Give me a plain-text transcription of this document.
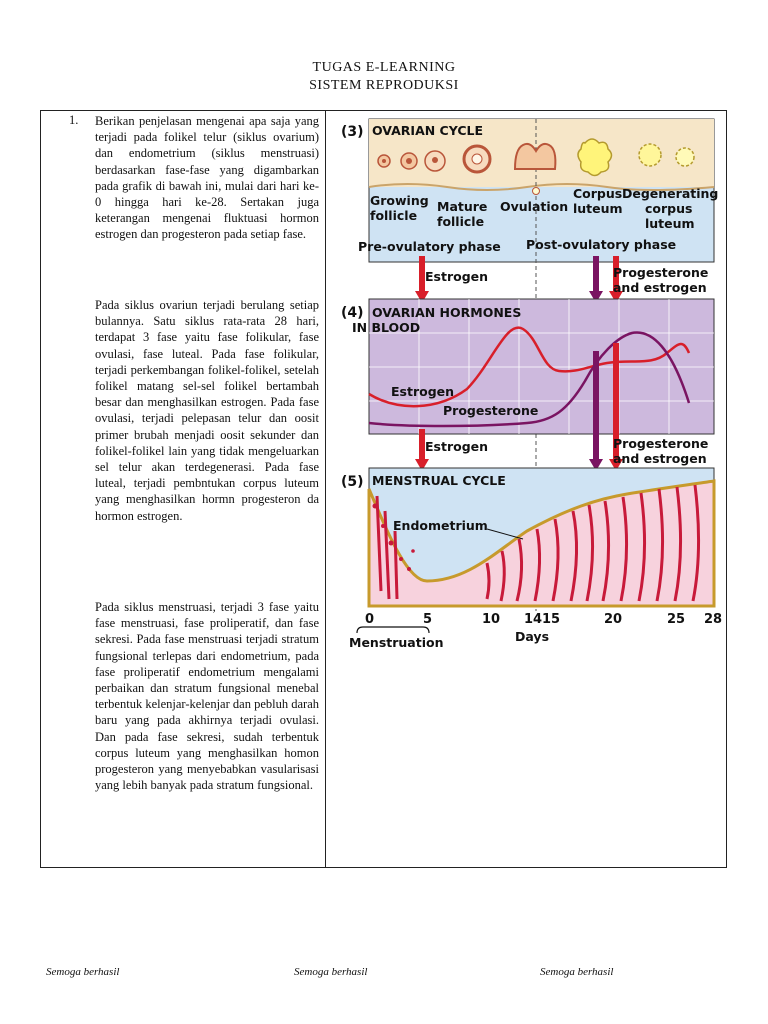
TUGAS E-LEARNING
SISTEM REPRODUKSI
1. Berikan penjelasan mengenai apa saja yang terjadi pada folikel telur (siklus ovarium) dan endometrium (siklus menstruasi) berdasarkan fase-fase yang digambarkan pada grafik di bawah ini, mulai dari hari ke-0 hingga hari ke-28. Sertakan juga keterangan mengenai fluktuasi hormon estrogen dan progesteron pada setiap fase.

Pada siklus ovariun terjadi berulang setiap bulannya. Satu siklus rata-rata 28 hari, terdapat 3 fase yaitu fase folikular, fase ovulasi, fase luteal. Pada fase folikular, terjadi perkembangan folikel-folikel, setelah folikel matang sel-sel folikel bertambah besar dan menghasilkan estrogen. Pada fase ovulasi, terjadi pelepasan telur dan oosit primer brubah menjadi oosit sekunder dan folikel-folikel lain yang tidak mengeluarkan sel telur akan terdegenerasi. Pada fase luteal, terjadi pembntukan corpus luteum yang menghasilkan hormn progesteron da hormon estrogen.

Pada siklus menstruasi, terjadi 3 fase yaitu fase menstruasi, fase proliperatif, dan fase sekresi. Pada fase menstruasi terjadi stratum fungsional terlepas dari endometrium, pada fase proliperatif endometrium mengalami perbaikan dan stratum fungsional menebal terbentuk kelenjar-kelenjar dan pebluh darah baru yang pada akhirnya terjadi ovulasi. Dan pada fase sekresi, sudah terbentuk corpus luteum yang menghasilkan homon progesteron yang menyebabkan vasularisasi yang lebih banyak pada stratum fungsional.

(3) OVARIAN CYCLE
Growing
follicle
Mature
follicle
Ovulation
Corpus
luteum
Degenerating
corpus
luteum
Pre-ovulatory phase Post-ovulatory phase
Estrogen	Progesterone
and estrogen
(4) OVARIAN HORMONES
IN BLOOD
Estrogen
Progesterone
Estrogen	Progesterone
and estrogen
(5) MENSTRUAL CYCLE
Endometrium
0	5	10 14 15	20	25 28
Days
Menstruation
Semoga berhasil	Semoga berhasil	Semoga berhasil
